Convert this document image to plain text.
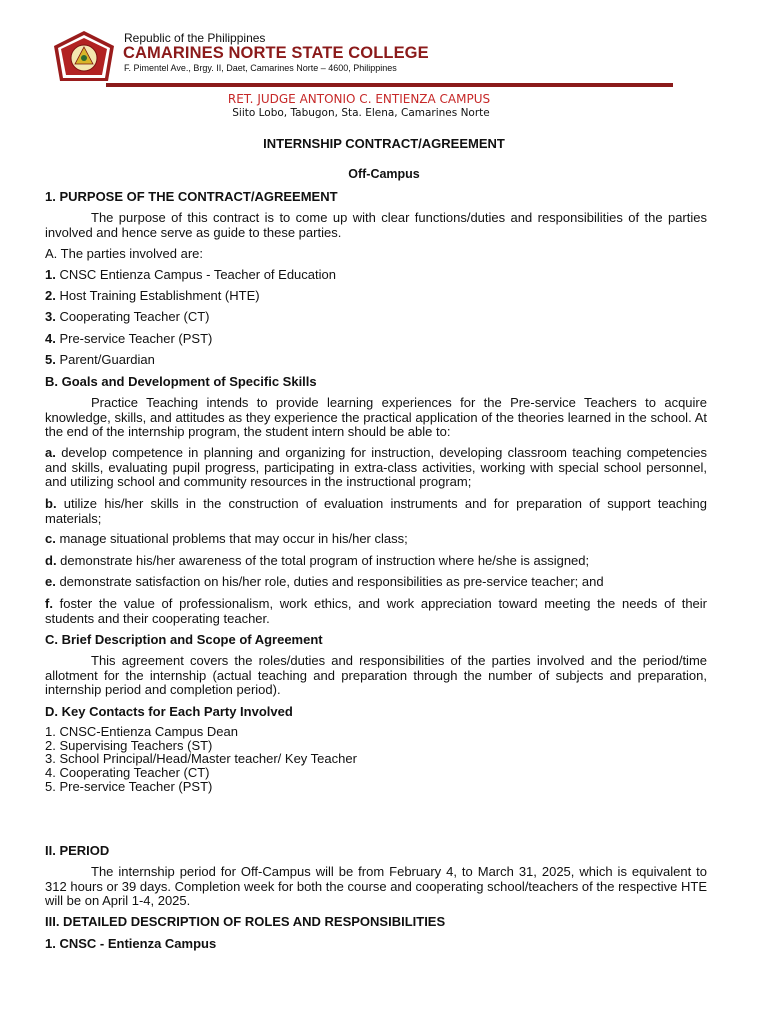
Republic of the Philippines
CAMARINES NORTE STATE COLLEGE
F. Pimentel Ave., Brgy. II, Daet, Camarines Norte – 4600, Philippines
RET. JUDGE ANTONIO C. ENTIENZA CAMPUS
Siito Lobo, Tabugon, Sta. Elena, Camarines Norte
INTERNSHIP CONTRACT/AGREEMENT
Off-Campus
1. PURPOSE OF THE CONTRACT/AGREEMENT
The purpose of this contract is to come up with clear functions/duties and responsibilities of the parties involved and hence serve as guide to these parties.
A. The parties involved are:
1. CNSC Entienza Campus - Teacher of Education
2. Host Training Establishment (HTE)
3. Cooperating Teacher (CT)
4. Pre-service Teacher (PST)
5. Parent/Guardian
B. Goals and Development of Specific Skills
Practice Teaching intends to provide learning experiences for the Pre-service Teachers to acquire knowledge, skills, and attitudes as they experience the practical application of the theories learned in the school. At the end of the internship program, the student intern should be able to:
a. develop competence in planning and organizing for instruction, developing classroom teaching competencies and skills, evaluating pupil progress, participating in extra-class activities, working with special school personnel, and utilizing school and community resources in the instructional program;
b. utilize his/her skills in the construction of evaluation instruments and for preparation of support teaching materials;
c. manage situational problems that may occur in his/her class;
d. demonstrate his/her awareness of the total program of instruction where he/she is assigned;
e. demonstrate satisfaction on his/her role, duties and responsibilities as pre-service teacher; and
f. foster the value of professionalism, work ethics, and work appreciation toward meeting the needs of their students and their cooperating teacher.
C. Brief Description and Scope of Agreement
This agreement covers the roles/duties and responsibilities of the parties involved and the period/time allotment for the internship (actual teaching and preparation through the number of subjects and preparation, internship period and completion period).
D. Key Contacts for Each Party Involved
1. CNSC-Entienza Campus Dean
2. Supervising Teachers (ST)
3. School Principal/Head/Master teacher/ Key Teacher
4. Cooperating Teacher (CT)
5. Pre-service Teacher (PST)
II. PERIOD
The internship period for Off-Campus will be from February 4, to March 31, 2025, which is equivalent to 312 hours or 39 days. Completion week for both the course and cooperating school/teachers of the respective HTE will be on April 1-4, 2025.
III. DETAILED DESCRIPTION OF ROLES AND RESPONSIBILITIES
1. CNSC - Entienza Campus
